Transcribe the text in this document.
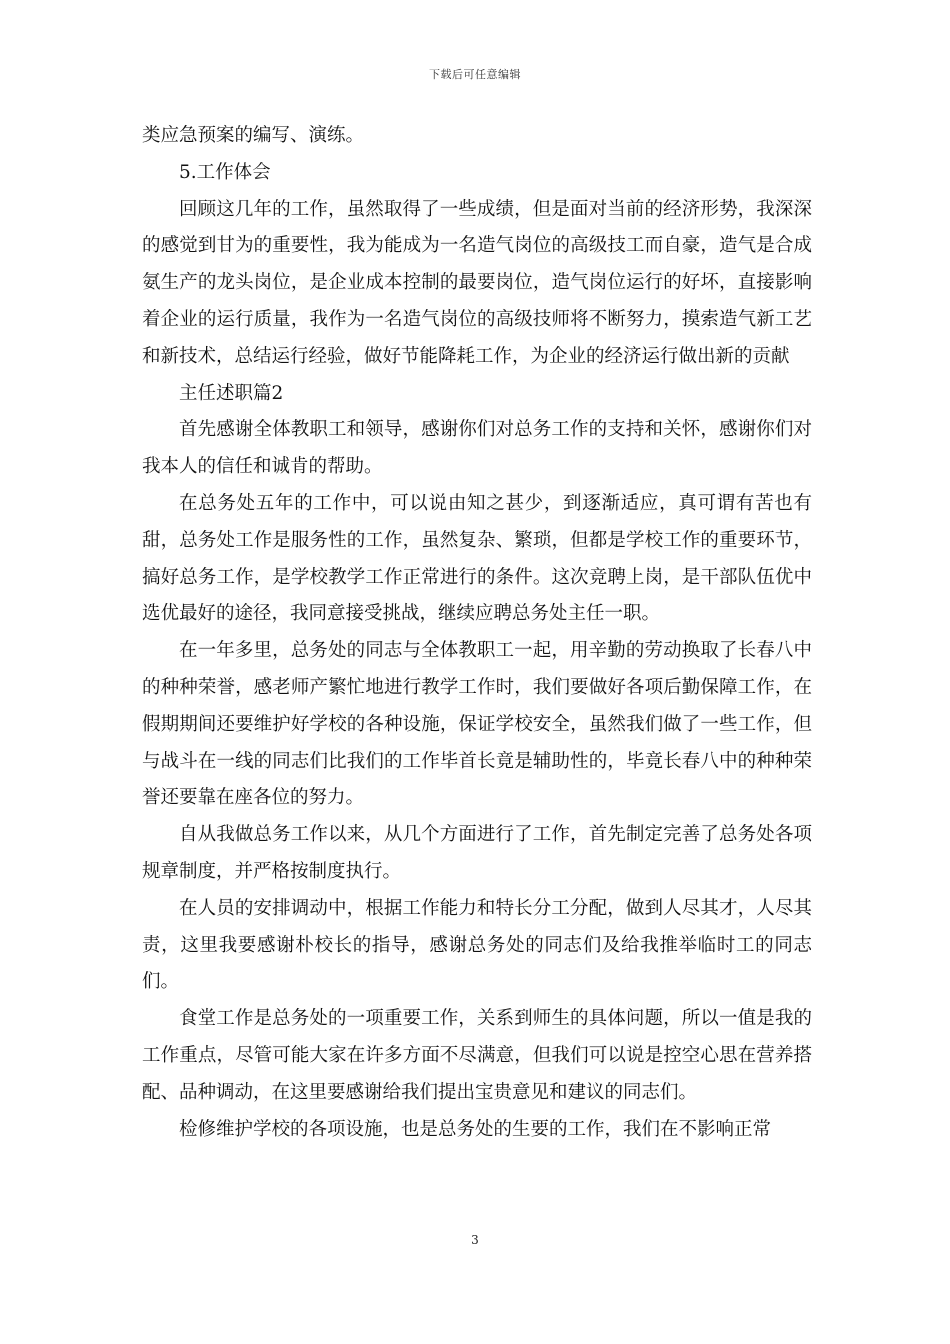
下载后可任意编辑

类应急预案的编写、演练。

5.工作体会

回顾这几年的工作，虽然取得了一些成绩，但是面对当前的经济形势，我深深的感觉到甘为的重要性，我为能成为一名造气岗位的高级技工而自豪，造气是合成氨生产的龙头岗位，是企业成本控制的最要岗位，造气岗位运行的好坏，直接影响着企业的运行质量，我作为一名造气岗位的高级技师将不断努力，摸索造气新工艺和新技术，总结运行经验，做好节能降耗工作，为企业的经济运行做出新的贡献

主任述职篇2

首先感谢全体教职工和领导，感谢你们对总务工作的支持和关怀，感谢你们对我本人的信任和诚肯的帮助。

在总务处五年的工作中，可以说由知之甚少，到逐渐适应，真可谓有苦也有甜，总务处工作是服务性的工作，虽然复杂、繁琐，但都是学校工作的重要环节，搞好总务工作，是学校教学工作正常进行的条件。这次竞聘上岗，是干部队伍优中选优最好的途径，我同意接受挑战，继续应聘总务处主任一职。

在一年多里，总务处的同志与全体教职工一起，用辛勤的劳动换取了长春八中的种种荣誉，感老师产繁忙地进行教学工作时，我们要做好各项后勤保障工作，在假期期间还要维护好学校的各种设施，保证学校安全，虽然我们做了一些工作，但与战斗在一线的同志们比我们的工作毕首长竟是辅助性的，毕竟长春八中的种种荣誉还要靠在座各位的努力。

自从我做总务工作以来，从几个方面进行了工作，首先制定完善了总务处各项规章制度，并严格按制度执行。

在人员的安排调动中，根据工作能力和特长分工分配，做到人尽其才，人尽其责，这里我要感谢朴校长的指导，感谢总务处的同志们及给我推举临时工的同志们。

食堂工作是总务处的一项重要工作，关系到师生的具体问题，所以一值是我的工作重点，尽管可能大家在许多方面不尽满意，但我们可以说是控空心思在营养搭配、品种调动，在这里要感谢给我们提出宝贵意见和建议的同志们。

检修维护学校的各项设施，也是总务处的生要的工作，我们在不影响正常

3
